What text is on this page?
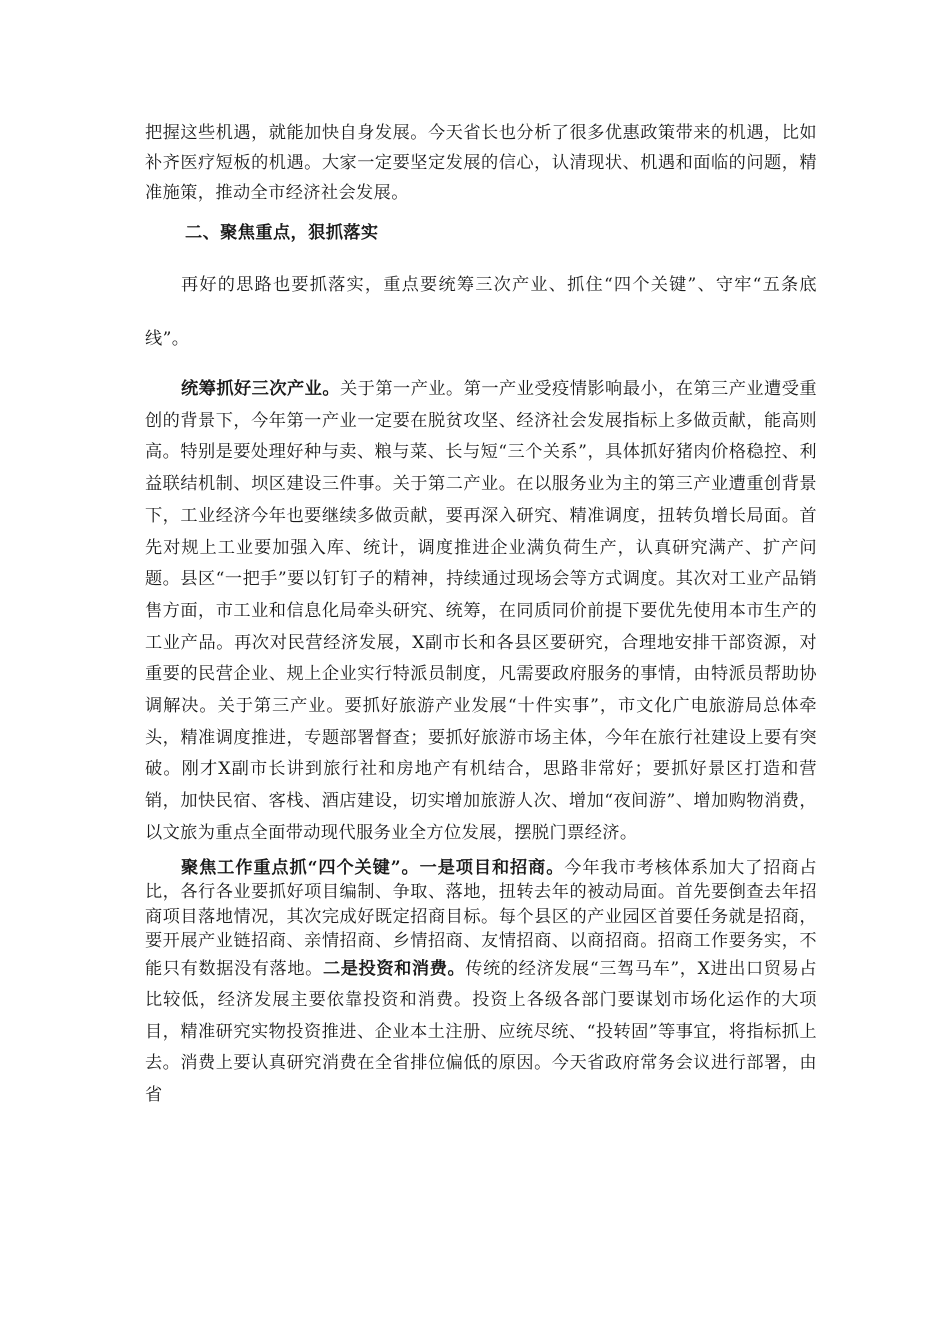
把握这些机遇，就能加快自身发展。今天省长也分析了很多优惠政策带来的机遇，比如补齐医疗短板的机遇。大家一定要坚定发展的信心，认清现状、机遇和面临的问题，精准施策，推动全市经济社会发展。

二、聚焦重点，狠抓落实

再好的思路也要抓落实，重点要统筹三次产业、抓住“四个关键”、守牢“五条底线”。

统筹抓好三次产业。关于第一产业。第一产业受疫情影响最小，在第三产业遭受重创的背景下，今年第一产业一定要在脱贫攻坚、经济社会发展指标上多做贡献，能高则高。特别是要处理好种与卖、粮与菜、长与短“三个关系”，具体抓好猪肉价格稳控、利益联结机制、坝区建设三件事。关于第二产业。在以服务业为主的第三产业遭重创背景下，工业经济今年也要继续多做贡献，要再深入研究、精准调度，扭转负增长局面。首先对规上工业要加强入库、统计，调度推进企业满负荷生产，认真研究满产、扩产问题。县区“一把手”要以钉钉子的精神，持续通过现场会等方式调度。其次对工业产品销售方面，市工业和信息化局牵头研究、统筹，在同质同价前提下要优先使用本市生产的工业产品。再次对民营经济发展，X副市长和各县区要研究，合理地安排干部资源，对重要的民营企业、规上企业实行特派员制度，凡需要政府服务的事情，由特派员帮助协调解决。关于第三产业。要抓好旅游产业发展“十件实事”，市文化广电旅游局总体牵头，精准调度推进，专题部署督查；要抓好旅游市场主体，今年在旅行社建设上要有突破。刚才X副市长讲到旅行社和房地产有机结合，思路非常好；要抓好景区打造和营销，加快民宿、客栈、酒店建设，切实增加旅游人次、增加“夜间游”、增加购物消费，以文旅为重点全面带动现代服务业全方位发展，摆脱门票经济。

聚焦工作重点抓“四个关键”。一是项目和招商。今年我市考核体系加大了招商占比，各行各业要抓好项目编制、争取、落地，扭转去年的被动局面。首先要倒查去年招商项目落地情况，其次完成好既定招商目标。每个县区的产业园区首要任务就是招商，要开展产业链招商、亲情招商、乡情招商、友情招商、以商招商。招商工作要务实，不能只有数据没有落地。二是投资和消费。传统的经济发展“三驾马车”，X进出口贸易占比较低，经济发展主要依靠投资和消费。投资上各级各部门要谋划市场化运作的大项目，精准研究实物投资推进、企业本土注册、应统尽统、“投转固”等事宜，将指标抓上去。消费上要认真研究消费在全省排位偏低的原因。今天省政府常务会议进行部署，由省
